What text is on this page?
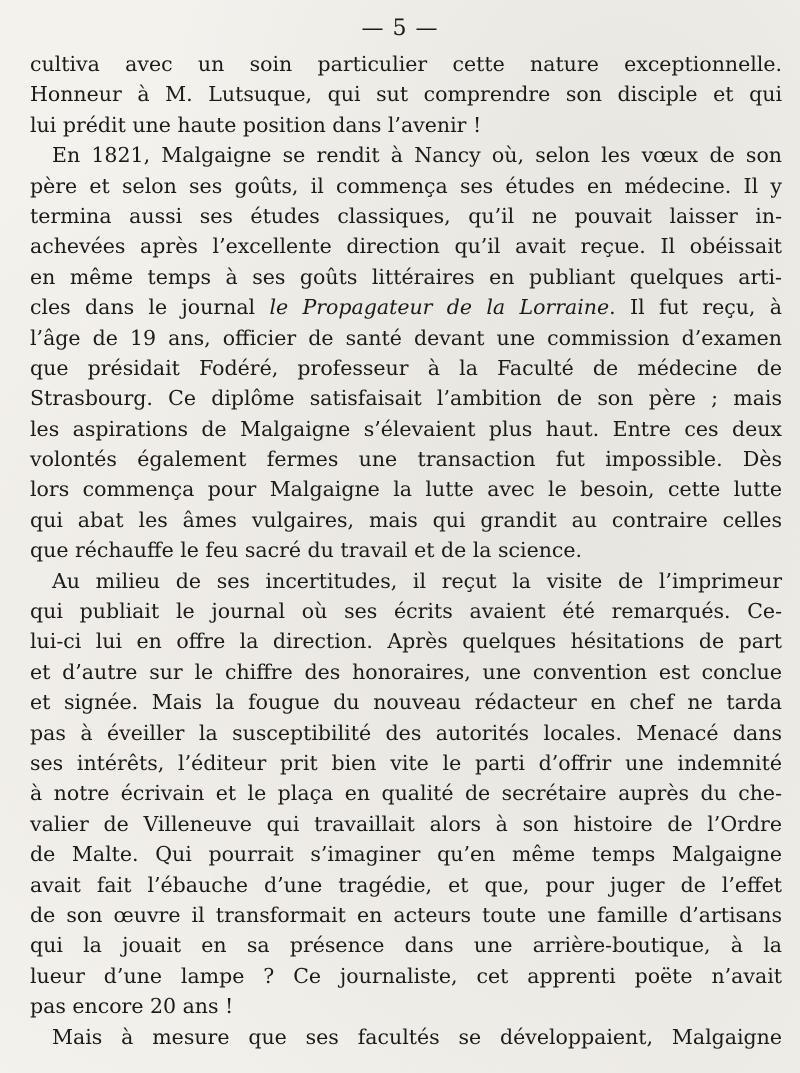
— 5 —
cultiva avec un soin particulier cette nature exceptionnelle.
Honneur à M. Lutsuque, qui sut comprendre son disciple et qui
lui prédit une haute position dans l’avenir !
En 1821, Malgaigne se rendit à Nancy où, selon les vœux de son
père et selon ses goûts, il commença ses études en médecine. Il y
termina aussi ses études classiques, qu’il ne pouvait laisser in-
achevées après l’excellente direction qu’il avait reçue. Il obéissait
en même temps à ses goûts littéraires en publiant quelques arti-
cles dans le journal le Propagateur de la Lorraine. Il fut reçu, à
l’âge de 19 ans, officier de santé devant une commission d’examen
que présidait Fodéré, professeur à la Faculté de médecine de
Strasbourg. Ce diplôme satisfaisait l’ambition de son père ; mais
les aspirations de Malgaigne s’élevaient plus haut. Entre ces deux
volontés également fermes une transaction fut impossible. Dès
lors commença pour Malgaigne la lutte avec le besoin, cette lutte
qui abat les âmes vulgaires, mais qui grandit au contraire celles
que réchauffe le feu sacré du travail et de la science.
Au milieu de ses incertitudes, il reçut la visite de l’imprimeur
qui publiait le journal où ses écrits avaient été remarqués. Ce-
lui-ci lui en offre la direction. Après quelques hésitations de part
et d’autre sur le chiffre des honoraires, une convention est conclue
et signée. Mais la fougue du nouveau rédacteur en chef ne tarda
pas à éveiller la susceptibilité des autorités locales. Menacé dans
ses intérêts, l’éditeur prit bien vite le parti d’offrir une indemnité
à notre écrivain et le plaça en qualité de secrétaire auprès du che-
valier de Villeneuve qui travaillait alors à son histoire de l’Ordre
de Malte. Qui pourrait s’imaginer qu’en même temps Malgaigne
avait fait l’ébauche d’une tragédie, et que, pour juger de l’effet
de son œuvre il transformait en acteurs toute une famille d’artisans
qui la jouait en sa présence dans une arrière-boutique, à la
lueur d’une lampe ? Ce journaliste, cet apprenti poëte n’avait
pas encore 20 ans !
Mais à mesure que ses facultés se développaient, Malgaigne
